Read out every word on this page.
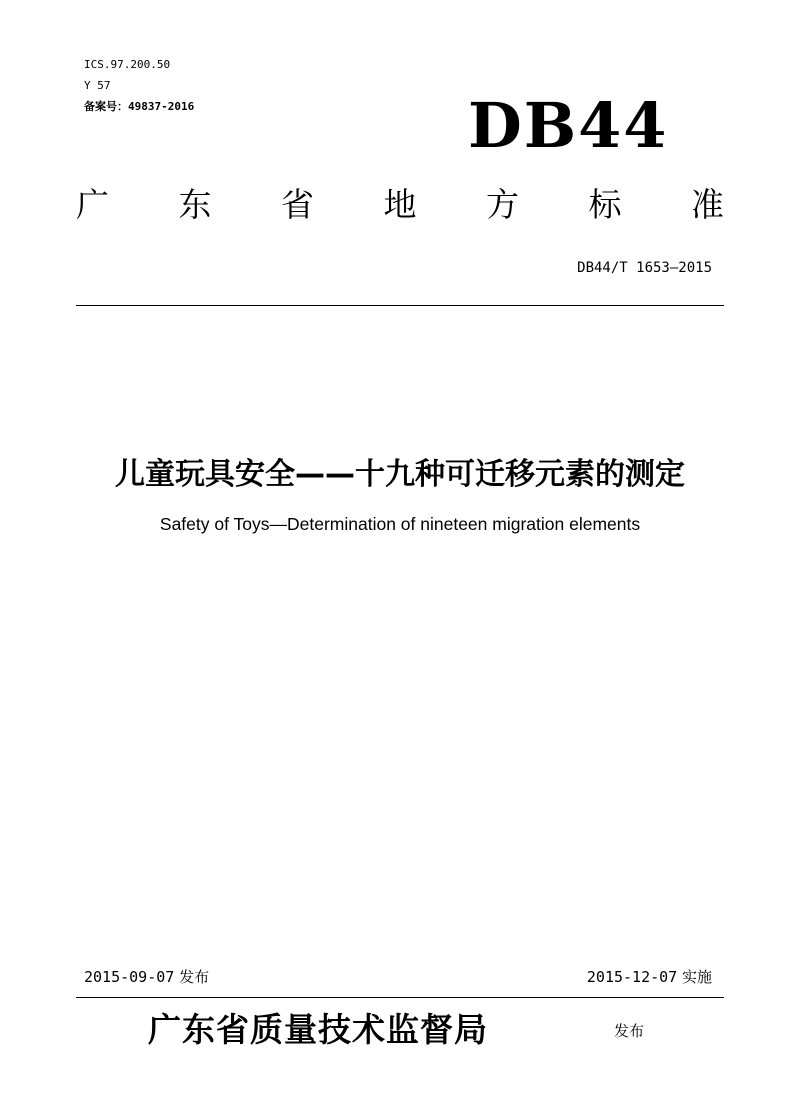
ICS.97.200.50
Y 57
备案号：49837-2016	DB44
广 东 省 地 方 标 准
DB44/T 1653—2015
儿童玩具安全——十九种可迁移元素的测定
Safety of Toys—Determination of nineteen migration elements
2015-09-07 发布	2015-12-07 实施
广东省质量技术监督局	发布
